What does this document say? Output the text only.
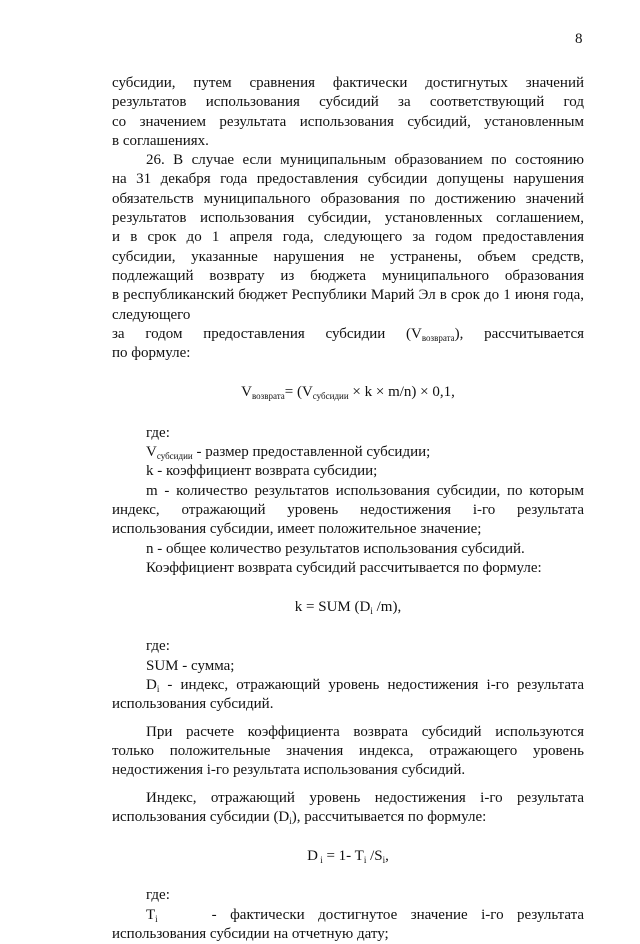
8
субсидии, путем сравнения фактически достигнутых значений
результатов использования субсидий за соответствующий год
со значением результата использования субсидий, установленным
в соглашениях.
26. В случае если муниципальным образованием по состоянию
на 31 декабря года предоставления субсидии допущены нарушения
обязательств муниципального образования по достижению значений
результатов использования субсидии, установленных соглашением,
и в срок до 1 апреля года, следующего за годом предоставления
субсидии, указанные нарушения не устранены, объем средств,
подлежащий возврату из бюджета муниципального образования
в республиканский бюджет Республики Марий Эл в срок до 1 июня года,
следующего
за годом предоставления субсидии $(V_{возврата})$, рассчитывается
по формуле:
$V_{возврата}= (V_{субсидии} \times k \times m/n) \times 0,1$,
где:
$V_{субсидии}$ - размер предоставленной субсидии;
k - коэффициент возврата субсидии;
m - количество результатов использования субсидии, по которым
индекс, отражающий уровень недостижения i-го результата
использования субсидии, имеет положительное значение;
n - общее количество результатов использования субсидий.
Коэффициент возврата субсидий рассчитывается по формуле:
k = SUM ($D_i$ /m),
где:
SUM - сумма;
$D_i$ - индекс, отражающий уровень недостижения i-го результата
использования субсидий.
При расчете коэффициента возврата субсидий используются
только положительные значения индекса, отражающего уровень
недостижения i-го результата использования субсидий.
Индекс, отражающий уровень недостижения i-го результата
использования субсидии $(D_i)$, рассчитывается по формуле:
D $_i$ = 1- $T_i$ $/S_i$,
где:
$T_i$	- фактически достигнутое значение i-го результата
использования субсидии на отчетную дату;
